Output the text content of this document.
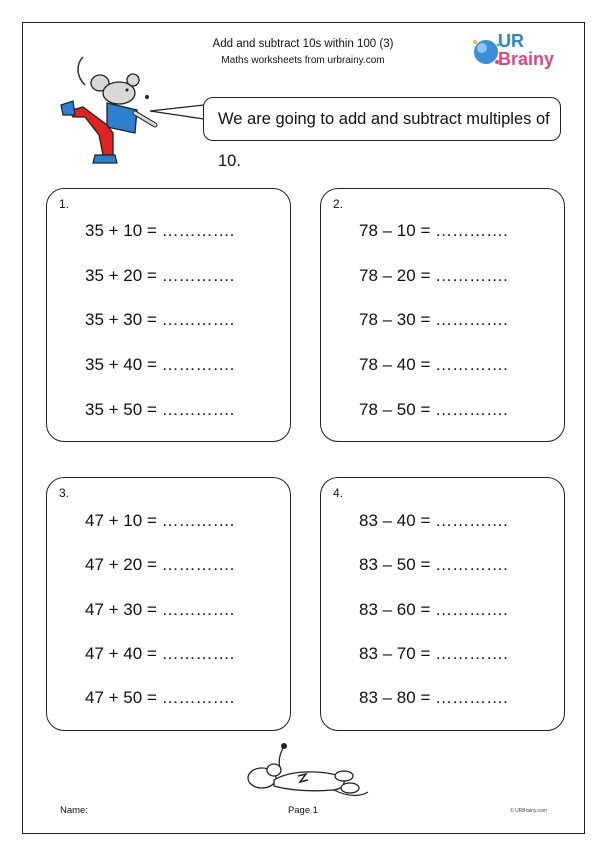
Add and subtract 10s within 100 (3)
Maths worksheets from urbrainy.com
UR
Brainy
We are going to add and subtract multiples of 10.
1.
35 + 10 = ………….
35 + 20 = ………….
35 + 30 = ………….
35 + 40 = ………….
35 + 50 = ………….
2.
78 – 10 = ………….
78 – 20 = ………….
78 – 30 = ………….
78 – 40 = ………….
78 – 50 = ………….
3.
47 + 10 = ………….
47 + 20 = ………….
47 + 30 = ………….
47 + 40 = ………….
47 + 50 = ………….
4.
83 – 40 = ………….
83 – 50 = ………….
83 – 60 = ………….
83 – 70 = ………….
83 – 80 = ………….
Name:	Page 1	© URBrainy.com
